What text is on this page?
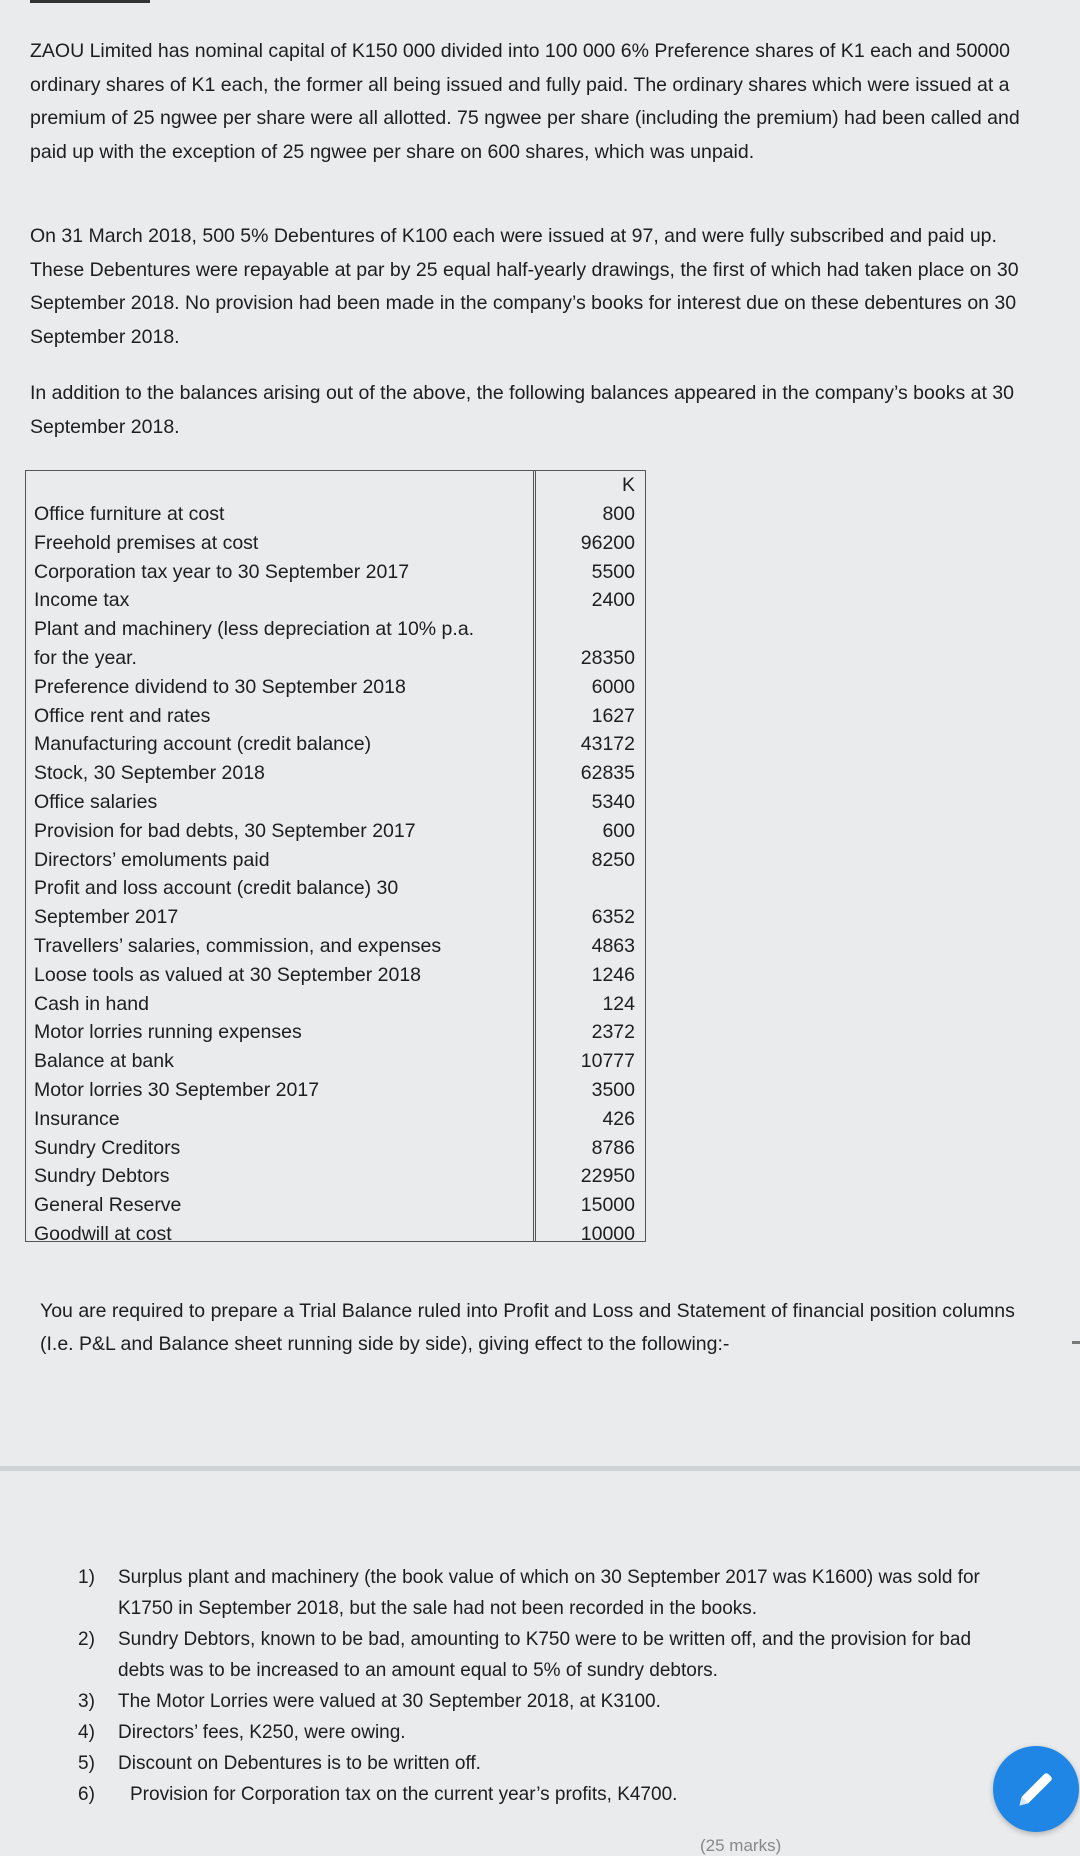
ZAOU Limited has nominal capital of K150 000 divided into 100 000 6% Preference shares of K1 each and 50000 ordinary shares of K1 each, the former all being issued and fully paid. The ordinary shares which were issued at a premium of 25 ngwee per share were all allotted. 75 ngwee per share (including the premium) had been called and paid up with the exception of 25 ngwee per share on 600 shares, which was unpaid.

On 31 March 2018, 500 5% Debentures of K100 each were issued at 97, and were fully subscribed and paid up. These Debentures were repayable at par by 25 equal half-yearly drawings, the first of which had taken place on 30 September 2018. No provision had been made in the company’s books for interest due on these debentures on 30 September 2018.

In addition to the balances arising out of the above, the following balances appeared in the company’s books at 30 September 2018.

Office furniture at cost
Freehold premises at cost
Corporation tax year to 30 September 2017
Income tax
Plant and machinery (less depreciation at 10% p.a.
for the year.
Preference dividend to 30 September 2018
Office rent and rates
Manufacturing account (credit balance)
Stock, 30 September 2018
Office salaries
Provision for bad debts, 30 September 2017
Directors’ emoluments paid
Profit and loss account (credit balance) 30
September 2017
Travellers’ salaries, commission, and expenses
Loose tools as valued at 30 September 2018
Cash in hand
Motor lorries running expenses
Balance at bank
Motor lorries 30 September 2017
Insurance
Sundry Creditors
Sundry Debtors
General Reserve
Goodwill at cost
K
800
96200
5500
2400

28350
6000
1627
43172
62835
5340
600
8250

6352
4863
1246
124
2372
10777
3500
426
8786
22950
15000
10000

You are required to prepare a Trial Balance ruled into Profit and Loss and Statement of financial position columns (I.e. P&L and Balance sheet running side by side), giving effect to the following:-

1) Surplus plant and machinery (the book value of which on 30 September 2017 was K1600) was sold for K1750 in September 2018, but the sale had not been recorded in the books.
2) Sundry Debtors, known to be bad, amounting to K750 were to be written off, and the provision for bad debts was to be increased to an amount equal to 5% of sundry debtors.
3) The Motor Lorries were valued at 30 September 2018, at K3100.
4) Directors’ fees, K250, were owing.
5) Discount on Debentures is to be written off.
6) Provision for Corporation tax on the current year’s profits, K4700.
(25 marks)
